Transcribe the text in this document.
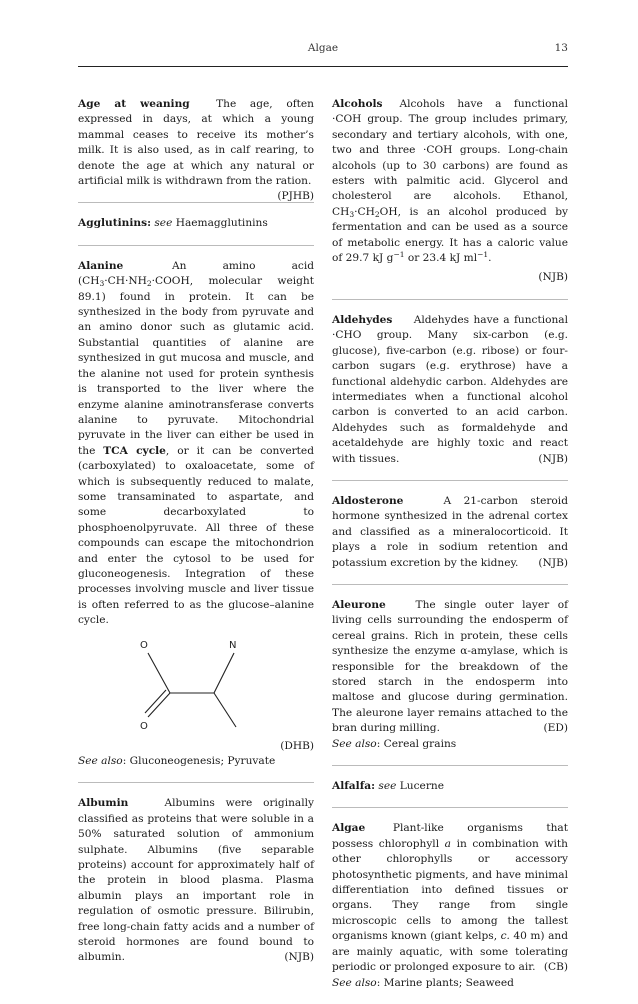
Algae	13
Age at weaning The age, often expressed in days, at which a young mammal ceases to receive its mother’s milk. It is also used, as in calf rearing, to denote the age at which any natural or artificial milk is withdrawn from the ration.
(PJHB)
Agglutinins: see Haemagglutinins
Alanine	An amino acid ($CH_3\cdot CH\cdot NH_2\cdot COOH$, molecular weight 89.1) found in protein. It can be synthesized in the body from pyruvate and an amino donor such as glutamic acid. Substantial quantities of alanine are synthesized in gut mucosa and muscle, and the alanine not used for protein synthesis is transported to the liver where the enzyme alanine aminotransferase converts alanine to pyruvate. Mitochondrial pyruvate in the liver can either be used in the TCA cycle, or it can be converted (carboxylated) to oxaloacetate, some of which is subsequently reduced to malate, some transaminated to aspartate, and some decarboxylated to phosphoenolpyruvate. All three of these compounds can escape the mitochondrion and enter the cytosol to be used for gluconeogenesis. Integration of these processes involving muscle and liver tissue is often referred to as the glucose–alanine cycle.
O	N
O
(DHB)
See also: Gluconeogenesis; Pyruvate
Albumin	Albumins were originally classified as proteins that were soluble in a 50% saturated solution of ammonium sulphate. Albumins (five separable proteins) account for approximately half of the protein in blood plasma. Plasma albumin plays an important role in regulation of osmotic pressure. Bilirubin, free long-chain fatty acids and a number of steroid hormones are found bound to albumin.	(NJB)
Alcohols Alcohols have a functional ·COH group. The group includes primary, secondary and tertiary alcohols, with one, two and three ·COH groups. Long-chain alcohols (up to 30 carbons) are found as esters with palmitic acid. Glycerol and cholesterol are alcohols. Ethanol, $CH_3\cdot CH_2OH$, is an alcohol produced by fermentation and can be used as a source of metabolic energy. It has a caloric value of 29.7 kJ $g^{-1}$ or 23.4 kJ $ml^{-1}$.
(NJB)
Aldehydes Aldehydes have a functional ·CHO group. Many six-carbon (e.g. glucose), five-carbon (e.g. ribose) or four-carbon sugars (e.g. erythrose) have a functional aldehydic carbon. Aldehydes are intermediates when a functional alcohol carbon is converted to an acid carbon. Aldehydes such as formaldehyde and acetaldehyde are highly toxic and react with tissues.	(NJB)
Aldosterone	A 21-carbon steroid hormone synthesized in the adrenal cortex and classified as a mineralocorticoid. It plays a role in sodium retention and potassium excretion by the kidney.	(NJB)
Aleurone	The single outer layer of living cells surrounding the endosperm of cereal grains. Rich in protein, these cells synthesize the enzyme α-amylase, which is responsible for the breakdown of the stored starch in the endosperm into maltose and glucose during germination. The aleurone layer remains attached to the bran during milling.	(ED)
See also: Cereal grains
Alfalfa: see Lucerne
Algae	Plant-like organisms that possess chlorophyll a in combination with other chlorophylls or accessory photosynthetic pigments, and have minimal differentiation into defined tissues or organs. They range from single microscopic cells to among the tallest organisms known (giant kelps, c. 40 m) and are mainly aquatic, with some tolerating periodic or prolonged exposure to air. (CB)
See also: Marine plants; Seaweed
